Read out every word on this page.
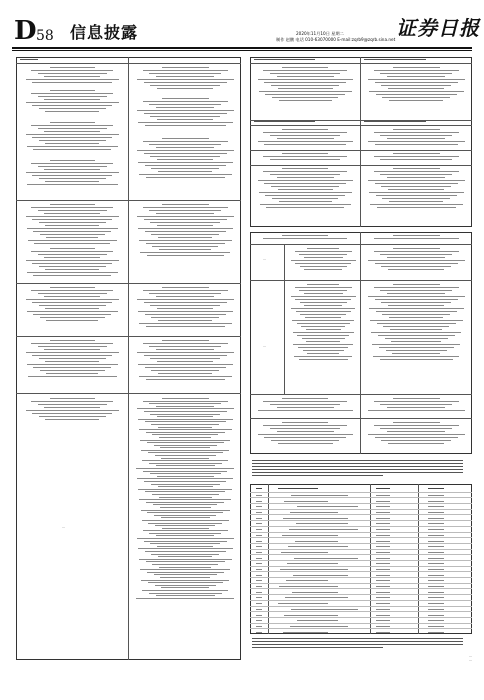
D 58 信息披露	2020年11月10日 星期二
制作 赵鹏 电话 010-63070000 E-mail:zqrb9@zqrb.sina.net 证券日报
...
...
...
...
...
